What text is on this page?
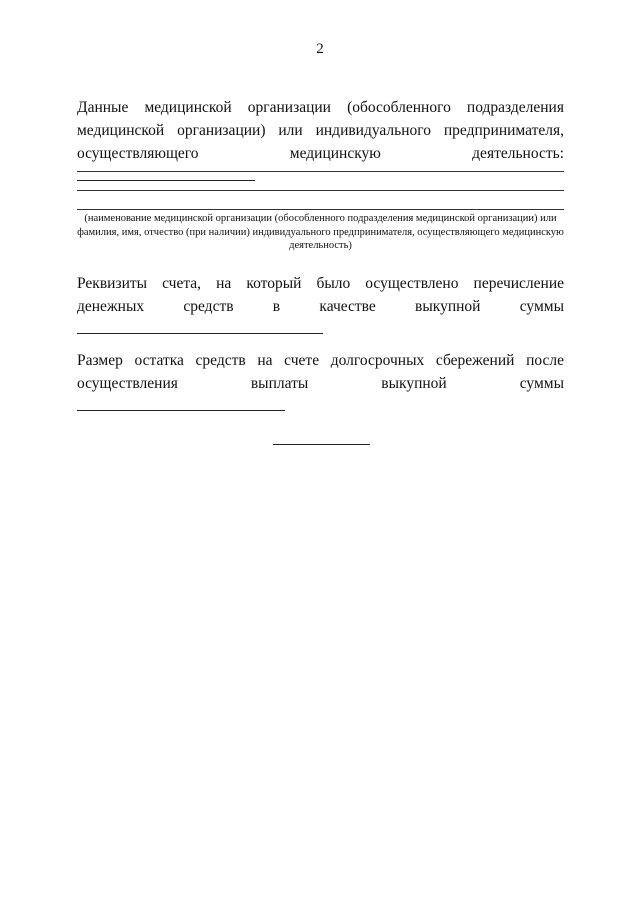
2
Данные медицинской организации (обособленного подразделения медицинской организации) или индивидуального предпринимателя, осуществляющего медицинскую деятельность:
(наименование медицинской организации (обособленного подразделения медицинской организации) или фамилия, имя, отчество (при наличии) индивидуального предпринимателя, осуществляющего медицинскую деятельность)
Реквизиты счета, на который было осуществлено перечисление денежных средств в качестве выкупной суммы
Размер остатка средств на счете долгосрочных сбережений после осуществления выплаты выкупной суммы
